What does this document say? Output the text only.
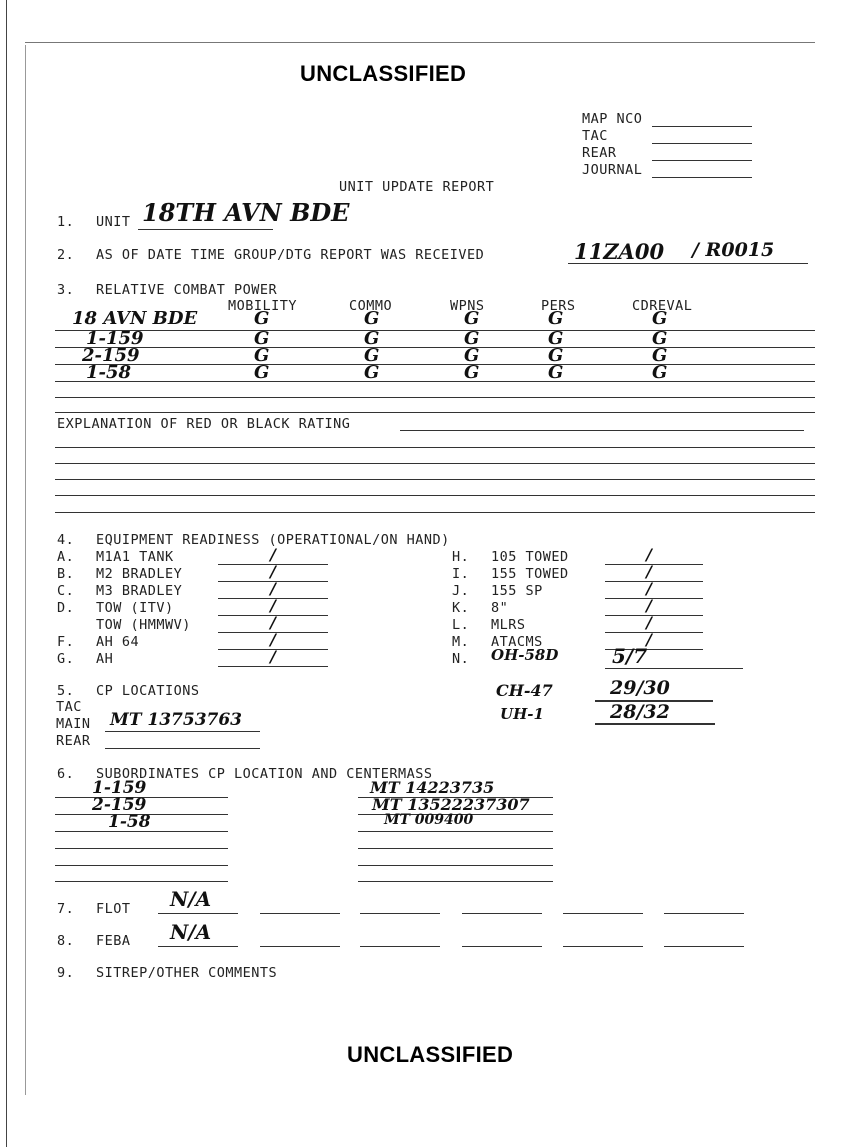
UNCLASSIFIED
MAP NCO
TAC
REAR
JOURNAL
UNIT UPDATE REPORT
1. UNIT 18TH AVN BDE
2. AS OF DATE TIME GROUP/DTG REPORT WAS RECEIVED	11ZA00 / R0015
3. RELATIVE COMBAT POWER
MOBILITY	COMMO	WPNS	PERS	CDREVAL
18 AVN BDE	G	G	G	G	G
1-159	G	G	G	G	G
2-159	G	G	G	G	G
1-58	G	G	G	G	G
EXPLANATION OF RED OR BLACK RATING
4. EQUIPMENT READINESS (OPERATIONAL/ON HAND)
A. M1A1 TANK	/
B. M2 BRADLEY	/
C. M3 BRADLEY	/
D. TOW (ITV)	/
TOW (HMMWV)	/
F. AH 64	/
G. AH	/
H. 105 TOWED	/
I. 155 TOWED	/
J. 155 SP	/
K. 8"	/
L. MLRS	/
M. ATACMS	/
N. OH-58D	5/7
CH-47	29/30
UH-1	28/32
5. CP LOCATIONS
TAC
MAIN MT 13753763
REAR
6. SUBORDINATES CP LOCATION AND CENTERMASS
1-159	MT 14223735
2-159	MT 13522237307
1-58	MT 009400
7. FLOT N/A
8. FEBA N/A
9. SITREP/OTHER COMMENTS
UNCLASSIFIED
